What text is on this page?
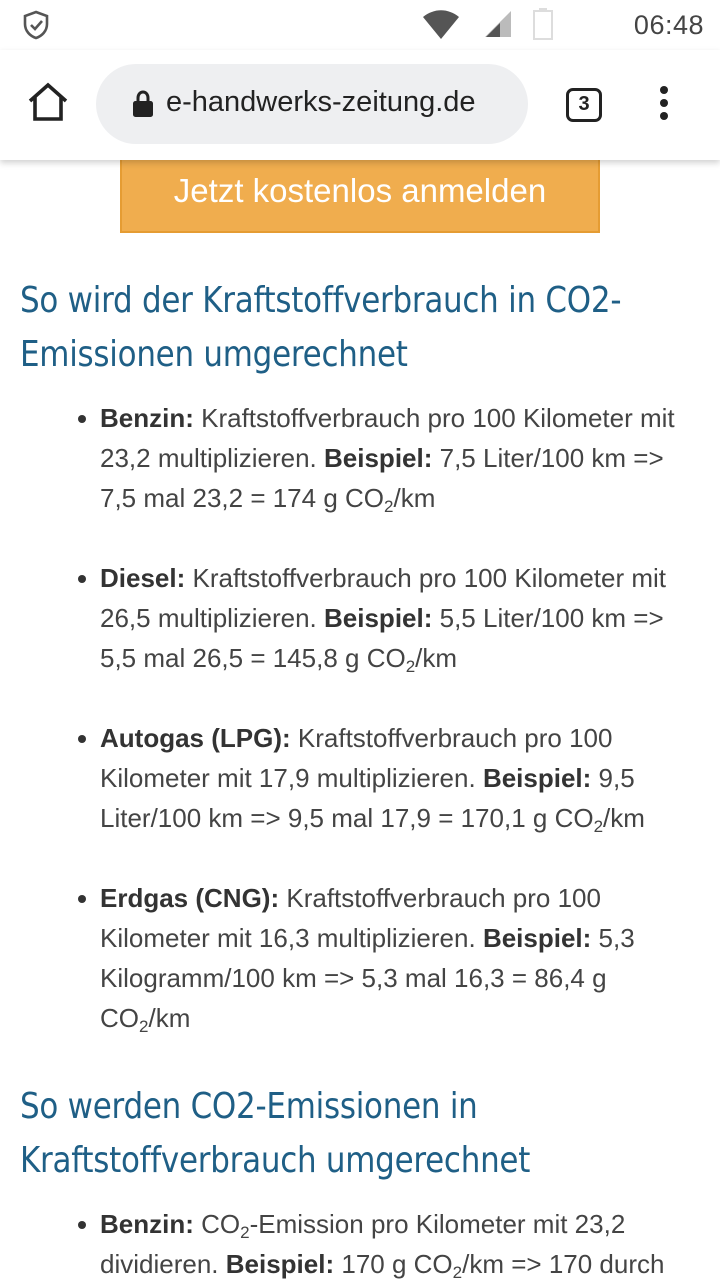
06:48
e-handwerks-zeitung.de	3
Jetzt kostenlos anmelden
So wird der Kraftstoffverbrauch in CO2-Emissionen umgerechnet
Benzin: Kraftstoffverbrauch pro 100 Kilometer mit 23,2 multiplizieren. Beispiel: 7,5 Liter/100 km => 7,5 mal 23,2 = 174 g $CO_2/km$
Diesel: Kraftstoffverbrauch pro 100 Kilometer mit 26,5 multiplizieren. Beispiel: 5,5 Liter/100 km => 5,5 mal 26,5 = 145,8 g $CO_2/km$
Autogas (LPG): Kraftstoffverbrauch pro 100 Kilometer mit 17,9 multiplizieren. Beispiel: 9,5 Liter/100 km => 9,5 mal 17,9 = 170,1 g $CO_2/km$
Erdgas (CNG): Kraftstoffverbrauch pro 100 Kilometer mit 16,3 multiplizieren. Beispiel: 5,3 Kilogramm/100 km => 5,3 mal 16,3 = 86,4 g $CO_2/km$
So werden CO2-Emissionen in Kraftstoffverbrauch umgerechnet
Benzin: $CO_2$-Emission pro Kilometer mit 23,2 dividieren. Beispiel: 170 g $CO_2/km => 170$ durch
